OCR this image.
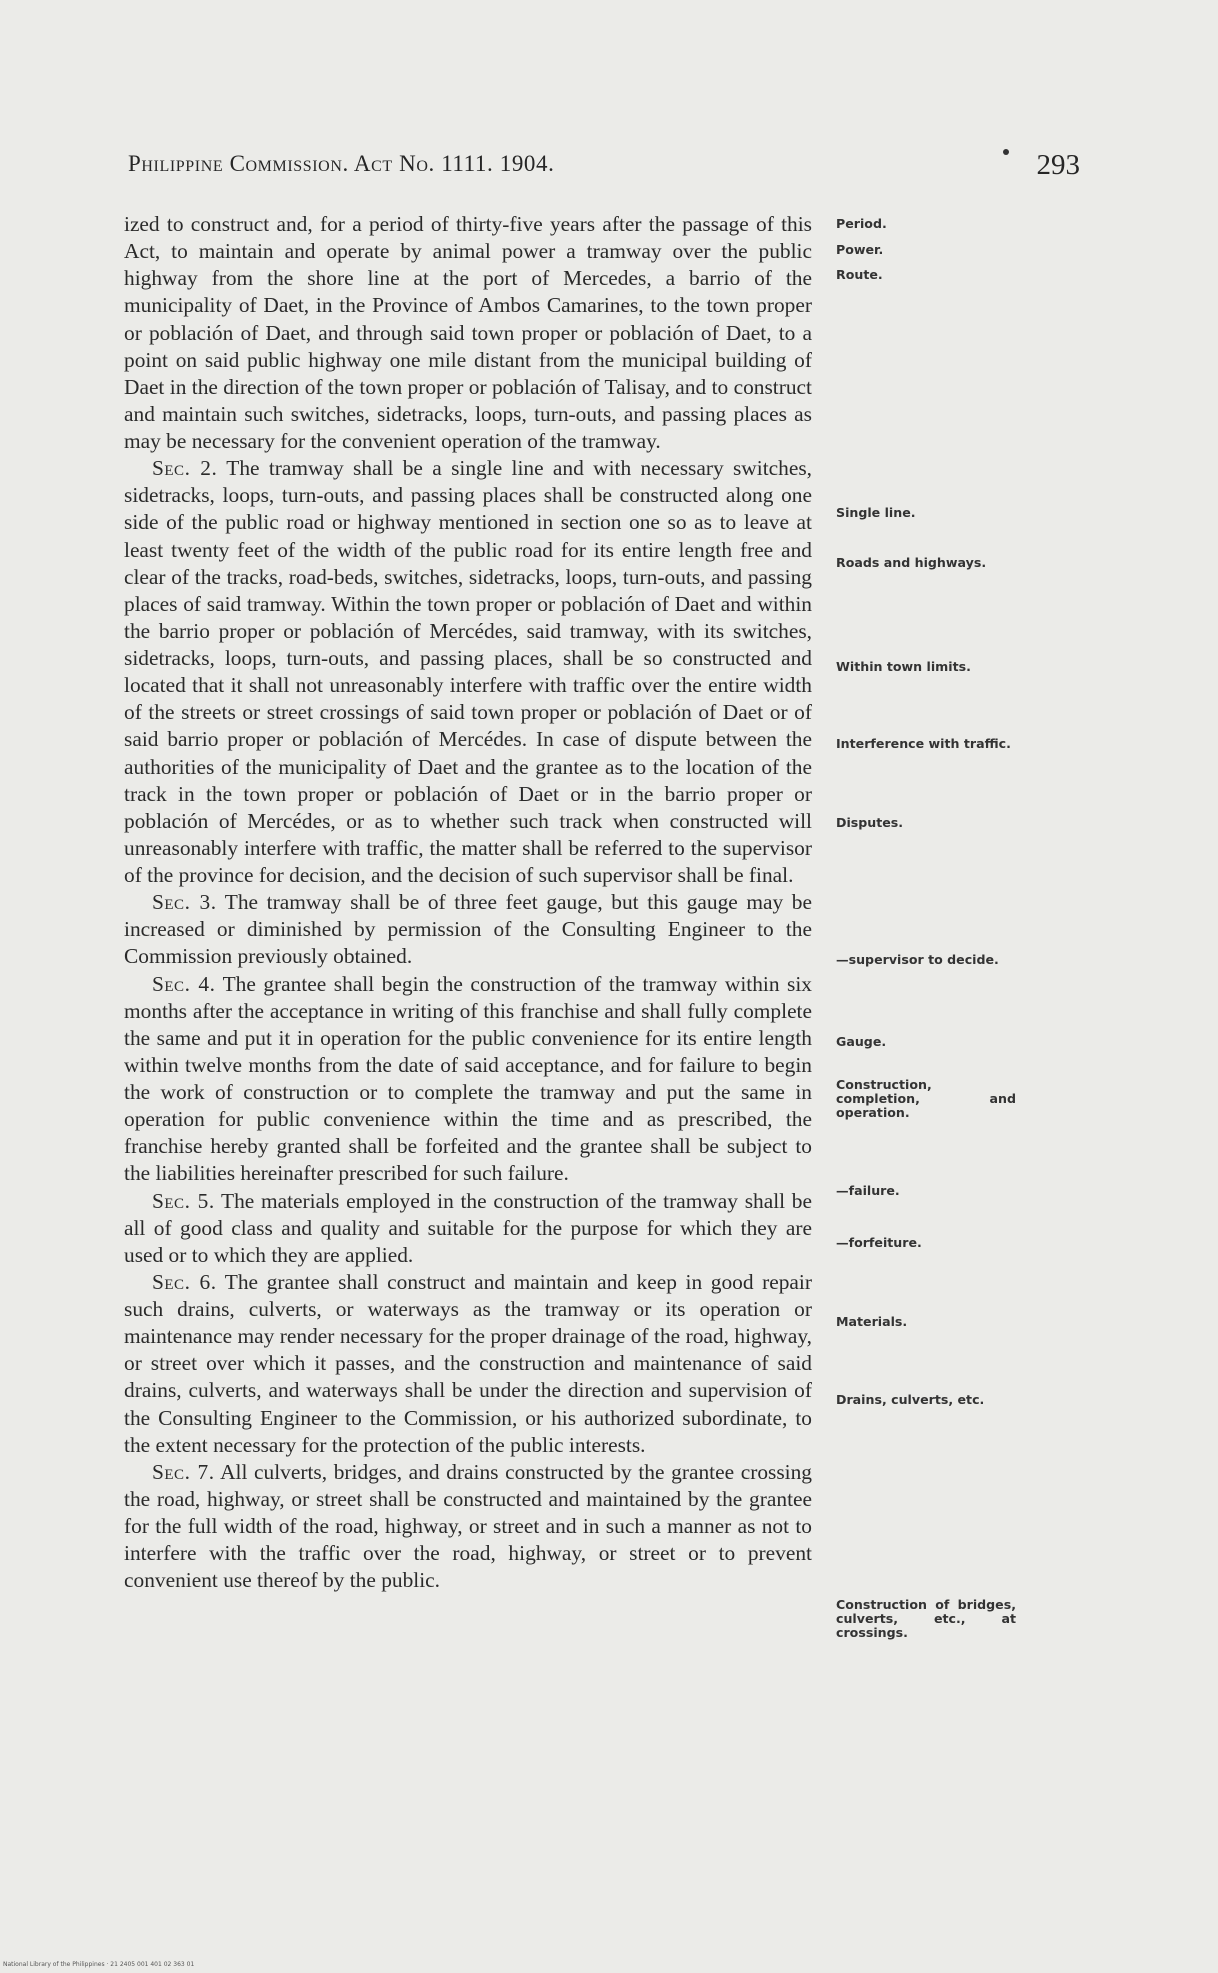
Philippine Commission. Act No. 1111. 1904.	293

ized to construct and, for a period of thirty-five years after the passage of this Act, to maintain and operate by animal power a tramway over the public highway from the shore line at the port of Mercedes, a barrio of the municipality of Daet, in the Province of Ambos Camarines, to the town proper or población of Daet, and through said town proper or población of Daet, to a point on said public highway one mile distant from the municipal building of Daet in the direction of the town proper or población of Talisay, and to construct and maintain such switches, sidetracks, loops, turn-outs, and passing places as may be necessary for the convenient operation of the tramway.

Sec. 2. The tramway shall be a single line and with necessary switches, sidetracks, loops, turn-outs, and passing places shall be constructed along one side of the public road or highway mentioned in section one so as to leave at least twenty feet of the width of the public road for its entire length free and clear of the tracks, road-beds, switches, sidetracks, loops, turn-outs, and passing places of said tramway. Within the town proper or población of Daet and within the barrio proper or población of Mercédes, said tramway, with its switches, sidetracks, loops, turn-outs, and passing places, shall be so constructed and located that it shall not unreasonably interfere with traffic over the entire width of the streets or street crossings of said town proper or población of Daet or of said barrio proper or población of Mercédes. In case of dispute between the authorities of the municipality of Daet and the grantee as to the location of the track in the town proper or población of Daet or in the barrio proper or población of Mercédes, or as to whether such track when constructed will unreasonably interfere with traffic, the matter shall be referred to the supervisor of the province for decision, and the decision of such supervisor shall be final.

Sec. 3. The tramway shall be of three feet gauge, but this gauge may be increased or diminished by permission of the Consulting Engineer to the Commission previously obtained.

Sec. 4. The grantee shall begin the construction of the tramway within six months after the acceptance in writing of this franchise and shall fully complete the same and put it in operation for the public convenience for its entire length within twelve months from the date of said acceptance, and for failure to begin the work of construction or to complete the tramway and put the same in operation for public convenience within the time and as prescribed, the franchise hereby granted shall be forfeited and the grantee shall be subject to the liabilities hereinafter prescribed for such failure.

Sec. 5. The materials employed in the construction of the tramway shall be all of good class and quality and suitable for the purpose for which they are used or to which they are applied.

Sec. 6. The grantee shall construct and maintain and keep in good repair such drains, culverts, or waterways as the tramway or its operation or maintenance may render necessary for the proper drainage of the road, highway, or street over which it passes, and the construction and maintenance of said drains, culverts, and waterways shall be under the direction and supervision of the Consulting Engineer to the Commission, or his authorized subordinate, to the extent necessary for the protection of the public interests.

Sec. 7. All culverts, bridges, and drains constructed by the grantee crossing the road, highway, or street shall be constructed and maintained by the grantee for the full width of the road, highway, or street and in such a manner as not to interfere with the traffic over the road, highway, or street or to prevent convenient use thereof by the public.

Period.
Power.
Route.
Single line.
Roads and highways.
Within town limits.
Interference with traffic.
Disputes.
—supervisor to decide.
Gauge.
Construction, completion, and operation.
—failure.
—forfeiture.
Materials.
Drains, culverts, etc.
Construction of bridges, culverts, etc., at crossings.
National Library of the Philippines · 21 2405 001 401 02 363 01
